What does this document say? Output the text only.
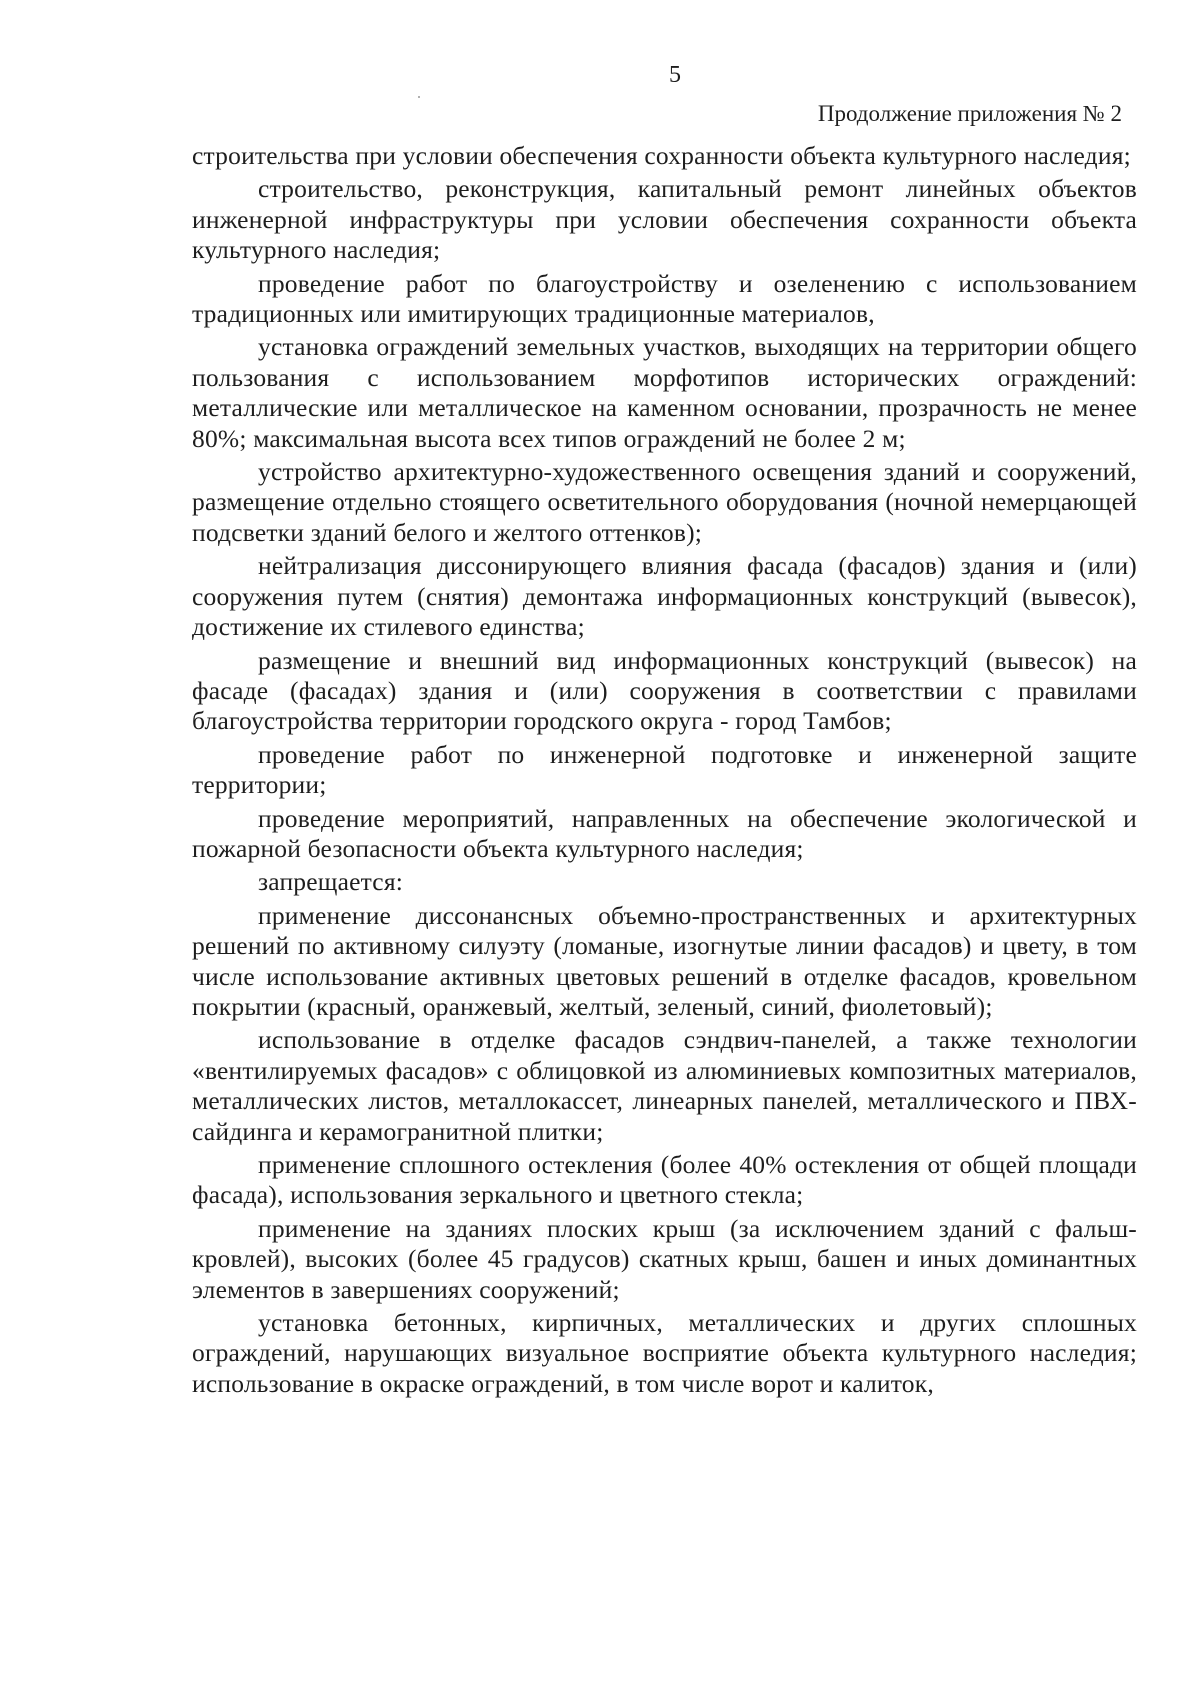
5
Продолжение приложения № 2

строительства при условии обеспечения сохранности объекта культурного наследия;

строительство, реконструкция, капитальный ремонт линейных объектов инженерной инфраструктуры при условии обеспечения сохранности объекта культурного наследия;

проведение работ по благоустройству и озеленению с использованием традиционных или имитирующих традиционные материалов,

установка ограждений земельных участков, выходящих на территории общего пользования с использованием морфотипов исторических ограждений: металлические или металлическое на каменном основании, прозрачность не менее 80%; максимальная высота всех типов ограждений не более 2 м;

устройство архитектурно-художественного освещения зданий и сооружений, размещение отдельно стоящего осветительного оборудования (ночной немерцающей подсветки зданий белого и желтого оттенков);

нейтрализация диссонирующего влияния фасада (фасадов) здания и (или) сооружения путем (снятия) демонтажа информационных конструкций (вывесок), достижение их стилевого единства;

размещение и внешний вид информационных конструкций (вывесок) на фасаде (фасадах) здания и (или) сооружения в соответствии с правилами благоустройства территории городского округа - город Тамбов;

проведение работ по инженерной подготовке и инженерной защите территории;

проведение мероприятий, направленных на обеспечение экологической и пожарной безопасности объекта культурного наследия;

запрещается:

применение диссонансных объемно-пространственных и архитектурных решений по активному силуэту (ломаные, изогнутые линии фасадов) и цвету, в том числе использование активных цветовых решений в отделке фасадов, кровельном покрытии (красный, оранжевый, желтый, зеленый, синий, фиолетовый);

использование в отделке фасадов сэндвич-панелей, а также технологии «вентилируемых фасадов» с облицовкой из алюминиевых композитных материалов, металлических листов, металлокассет, линеарных панелей, металлического и ПВХ-сайдинга и керамогранитной плитки;

применение сплошного остекления (более 40% остекления от общей площади фасада), использования зеркального и цветного стекла;

применение на зданиях плоских крыш (за исключением зданий с фальш-кровлей), высоких (более 45 градусов) скатных крыш, башен и иных доминантных элементов в завершениях сооружений;

установка бетонных, кирпичных, металлических и других сплошных ограждений, нарушающих визуальное восприятие объекта культурного наследия; использование в окраске ограждений, в том числе ворот и калиток,
